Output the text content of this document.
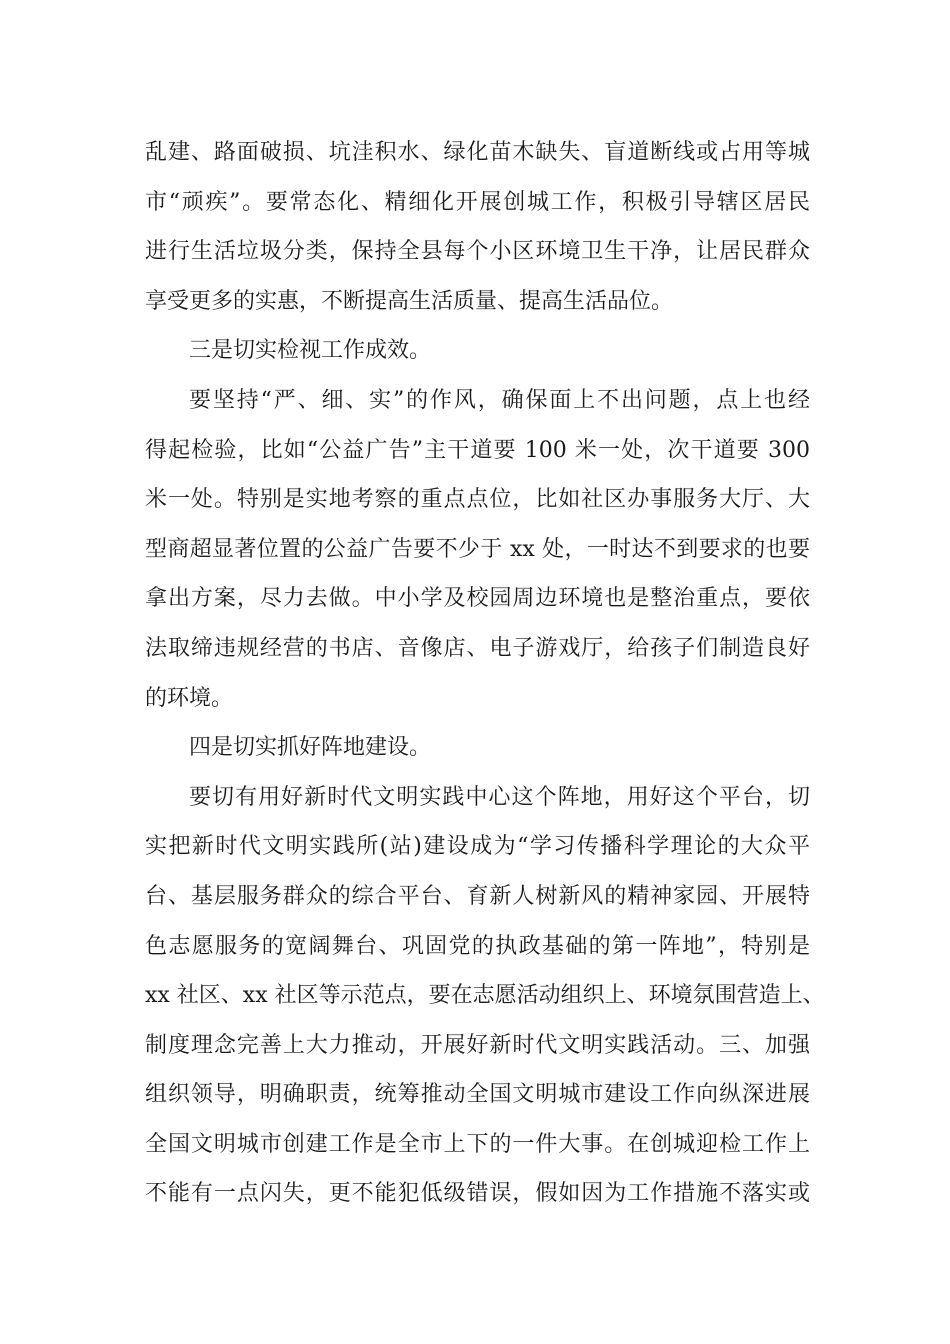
乱建、路面破损、坑洼积水、绿化苗木缺失、盲道断线或占用等城
市“顽疾”。要常态化、精细化开展创城工作，积极引导辖区居民
进行生活垃圾分类，保持全县每个小区环境卫生干净，让居民群众
享受更多的实惠，不断提高生活质量、提高生活品位。
三是切实检视工作成效。
要坚持“严、细、实”的作风，确保面上不出问题，点上也经
得起检验，比如“公益广告”主干道要 100 米一处，次干道要 300
米一处。特别是实地考察的重点点位，比如社区办事服务大厅、大
型商超显著位置的公益广告要不少于 xx 处，一时达不到要求的也要
拿出方案，尽力去做。中小学及校园周边环境也是整治重点，要依
法取缔违规经营的书店、音像店、电子游戏厅，给孩子们制造良好
的环境。
四是切实抓好阵地建设。
要切有用好新时代文明实践中心这个阵地，用好这个平台，切
实把新时代文明实践所(站)建设成为“学习传播科学理论的大众平
台、基层服务群众的综合平台、育新人树新风的精神家园、开展特
色志愿服务的宽阔舞台、巩固党的执政基础的第一阵地”，特别是
xx 社区、xx 社区等示范点，要在志愿活动组织上、环境氛围营造上、
制度理念完善上大力推动，开展好新时代文明实践活动。三、加强
组织领导，明确职责，统筹推动全国文明城市建设工作向纵深进展
全国文明城市创建工作是全市上下的一件大事。在创城迎检工作上
不能有一点闪失，更不能犯低级错误，假如因为工作措施不落实或
